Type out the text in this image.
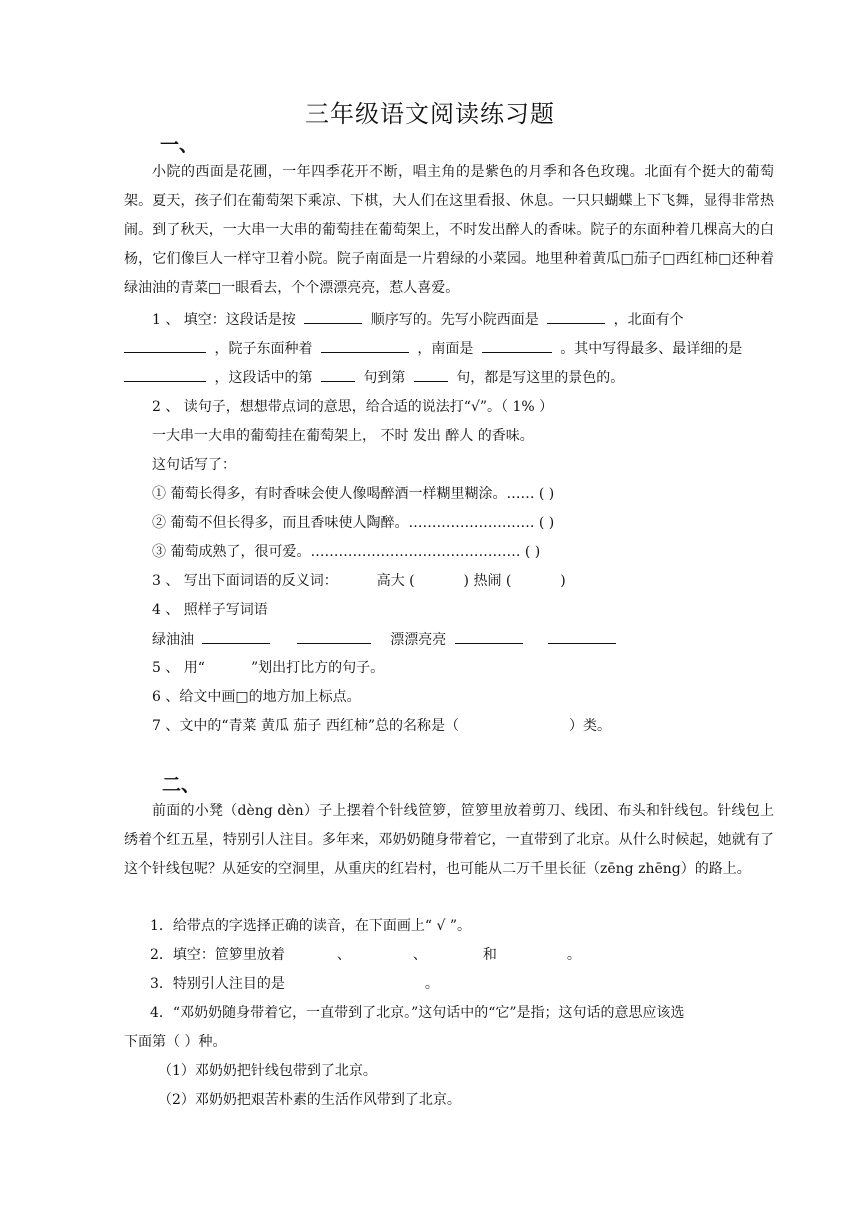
三年级语文阅读练习题
一、
小院的西面是花圃，一年四季花开不断，唱主角的是紫色的月季和各色玫瑰。北面有个挺大的葡萄架。夏天，孩子们在葡萄架下乘凉、下棋，大人们在这里看报、休息。一只只蝴蝶上下飞舞，显得非常热闹。到了秋天，一大串一大串的葡萄挂在葡萄架上，不时发出醉人的香味。院子的东面种着几棵高大的白杨，它们像巨人一样守卫着小院。院子南面是一片碧绿的小菜园。地里种着黄瓜□茄子□西红柿□还种着绿油油的青菜□一眼看去，个个漂漂亮亮，惹人喜爱。
1 、 填空：这段话是按	顺序写的。先写小院西面是	，北面有个
，院子东面种着	，南面是	。其中写得最多、最详细的是
，这段话中的第	句到第	句，都是写这里的景色的。
2 、 读句子，想想带点词的意思，给合适的说法打“√”。（ 1% ）
一大串一大串的葡萄挂在葡萄架上， 不时 发出 醉人 的香味。
这句话写了：
① 葡萄长得多，有时香味会使人像喝醉酒一样糊里糊涂。…… ( )
② 葡萄不但长得多，而且香味使人陶醉。……………………… ( )
③ 葡萄成熟了，很可爱。……………………………………… ( )
3 、 写出下面词语的反义词：	高大 (	) 热闹 (	)
4 、 照样子写词语
绿油油	漂漂亮亮
5 、 用“	”划出打比方的句子。
6 、给文中画□的地方加上标点。
7 、文中的“青菜 黄瓜 茄子 西红柿”总的名称是（	）类。
二、
前面的小凳（dèng dèn）子上摆着个针线笸箩，笸箩里放着剪刀、线团、布头和针线包。针线包上绣着个红五星，特别引人注目。多年来，邓奶奶随身带着它，一直带到了北京。从什么时候起，她就有了这个针线包呢？从延安的空洞里，从重庆的红岩村，也可能从二万千里长征（zēng zhēng）的路上。
1．给带点的字选择正确的读音，在下面画上“ √ ”。
2．填空：笸箩里放着	、	、	和	。
3．特别引人注目的是	。
4．“邓奶奶随身带着它，一直带到了北京。”这句话中的“它”是指；这句话的意思应该选
下面第（ ）种。
（1）邓奶奶把针线包带到了北京。
（2）邓奶奶把艰苦朴素的生活作风带到了北京。
